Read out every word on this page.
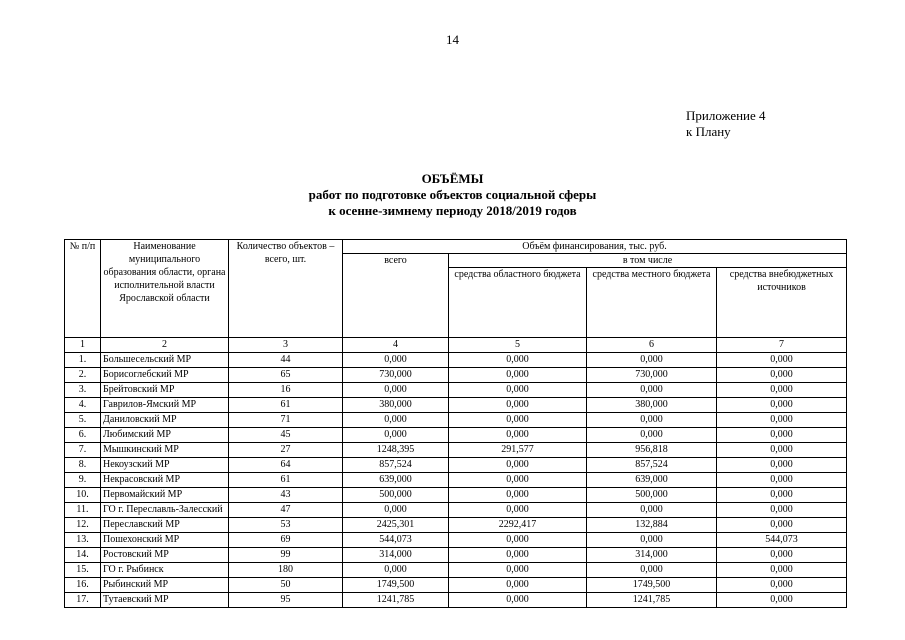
14
Приложение 4
к Плану
ОБЪЁМЫ
работ по подготовке объектов социальной сферы
к осенне-зимнему периоду 2018/2019 годов
№ п/п	Наименование муниципального образования области, органа исполнительной власти Ярославской области	Количество объектов – всего, шт.	Объём финансирования, тыс. руб.			
			всего	в том числе		
				средства областного бюджета	средства местного бюджета	средства внебюджетных источников
1	2	3	4	5	6	7
1.	Большесельский МР	44	0,000	0,000	0,000	0,000
2.	Борисоглебский МР	65	730,000	0,000	730,000	0,000
3.	Брейтовский МР	16	0,000	0,000	0,000	0,000
4.	Гаврилов-Ямский МР	61	380,000	0,000	380,000	0,000
5.	Даниловский МР	71	0,000	0,000	0,000	0,000
6.	Любимский МР	45	0,000	0,000	0,000	0,000
7.	Мышкинский МР	27	1248,395	291,577	956,818	0,000
8.	Некоузский МР	64	857,524	0,000	857,524	0,000
9.	Некрасовский МР	61	639,000	0,000	639,000	0,000
10.	Первомайский МР	43	500,000	0,000	500,000	0,000
11.	ГО г. Переславль-Залесский	47	0,000	0,000	0,000	0,000
12.	Переславский МР	53	2425,301	2292,417	132,884	0,000
13.	Пошехонский МР	69	544,073	0,000	0,000	544,073
14.	Ростовский МР	99	314,000	0,000	314,000	0,000
15.	ГО г. Рыбинск	180	0,000	0,000	0,000	0,000
16.	Рыбинский МР	50	1749,500	0,000	1749,500	0,000
17.	Тутаевский МР	95	1241,785	0,000	1241,785	0,000
